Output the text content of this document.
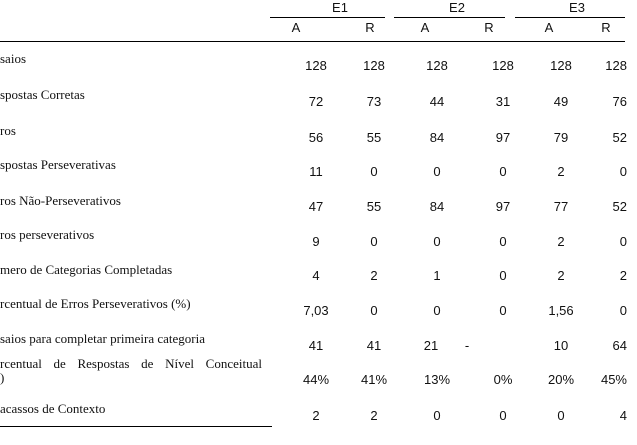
E1	E2	E3
A	R	A	R	A	R
saios	128	128	128	128	128	128
spostas Corretas	72	73	44	31	49	76
ros	56	55	84	97	79	52
spostas Perseverativas	11	0	0	0	2	0
ros Não-Perseverativos	47	55	84	97	77	52
ros perseverativos	9	0	0	0	2	0
mero de Categorias Completadas	4	2	1	0	2	2
rcentual de Erros Perseverativos (%)	7,03	0	0	0	1,56	0
saios para completar primeira categoria	41	41	21	-	10	64
rcentual de Respostas de Nível Conceitual
)	44%	41%	13%	0%	20%	45%
acassos de Contexto	2	2	0	0	0	4
